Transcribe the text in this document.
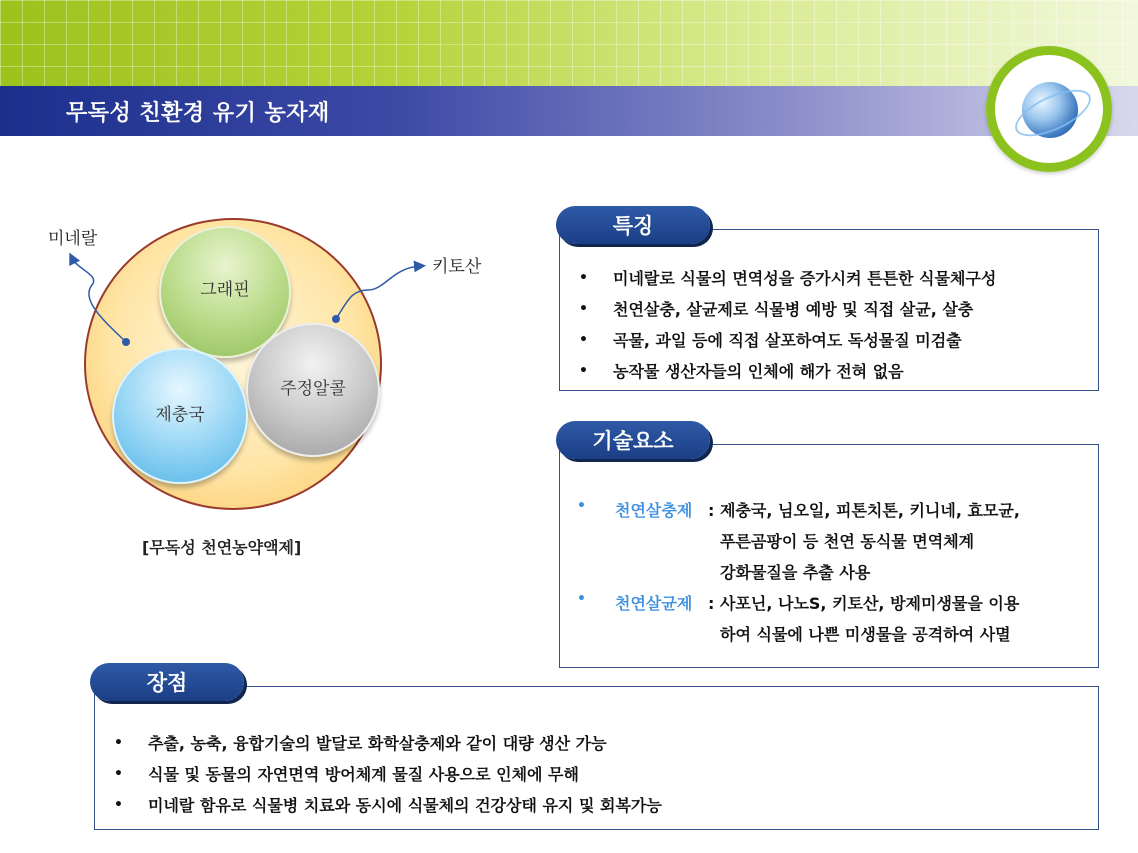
무독성 친환경 유기 농자재
그래핀
주정알콜
제충국
미네랄
키토산
[무독성 천연농약액제]
• 미네랄로 식물의 면역성을 증가시켜 튼튼한 식물체구성
• 천연살충, 살균제로 식물병 예방 및 직접 살균, 살충
• 곡물, 과일 등에 직접 살포하여도 독성물질 미검출
• 농작물 생산자들의 인체에 해가 전혀 없음
특징
• 천연살충제 : 제충국, 님오일, 피톤치톤, 키니네, 효모균,
푸른곰팡이 등 천연 동식물 면역체계
강화물질을 추출 사용
• 천연살균제 : 사포닌, 나노S, 키토산, 방제미생물을 이용
하여 식물에 나쁜 미생물을 공격하여 사멸
기술요소
• 추출, 농축, 융합기술의 발달로 화학살충제와 같이 대량 생산 가능
• 식물 및 동물의 자연면역 방어체계 물질 사용으로 인체에 무해
• 미네랄 함유로 식물병 치료와 동시에 식물체의 건강상태 유지 및 회복가능
장점
